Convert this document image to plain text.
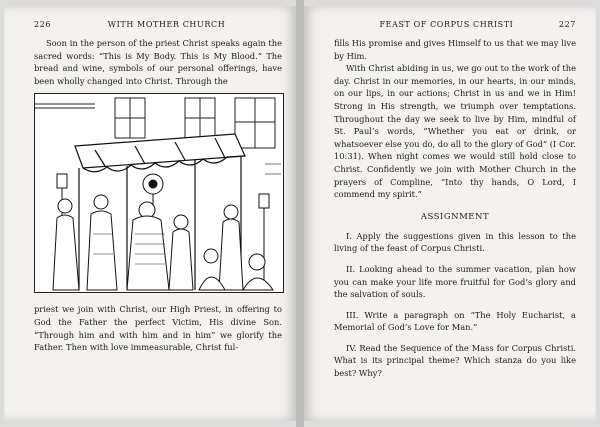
226	WITH MOTHER CHURCH

Soon in the person of the priest Christ speaks again the sacred words: “This is My Body. This is My Blood.” The bread and wine, symbols of our personal offerings, have been wholly changed into Christ. Through the

priest we join with Christ, our High Priest, in offering to God the Father the perfect Victim, His divine Son. “Through him and with him and in him” we glorify the Father. Then with love immeasurable, Christ ful-

FEAST OF CORPUS CHRISTI	227

fills His promise and gives Himself to us that we may live by Him.

With Christ abiding in us, we go out to the work of the day. Christ in our memories, in our hearts, in our minds, on our lips, in our actions; Christ in us and we in Him! Strong in His strength, we triumph over temptations. Throughout the day we seek to live by Him, mindful of St. Paul’s words, “Whether you eat or drink, or whatsoever else you do, do all to the glory of God” (I Cor. 10:31). When night comes we would still hold close to Christ. Confidently we join with Mother Church in the prayers of Compline, “Into thy hands, O Lord, I commend my spirit.”

ASSIGNMENT

I. Apply the suggestions given in this lesson to the living of the feast of Corpus Christi.

II. Looking ahead to the summer vacation, plan how you can make your life more fruitful for God’s glory and the salvation of souls.

III. Write a paragraph on “The Holy Eucharist, a Memorial of God’s Love for Man.”

IV. Read the Sequence of the Mass for Corpus Christi. What is its principal theme? Which stanza do you like best? Why?
